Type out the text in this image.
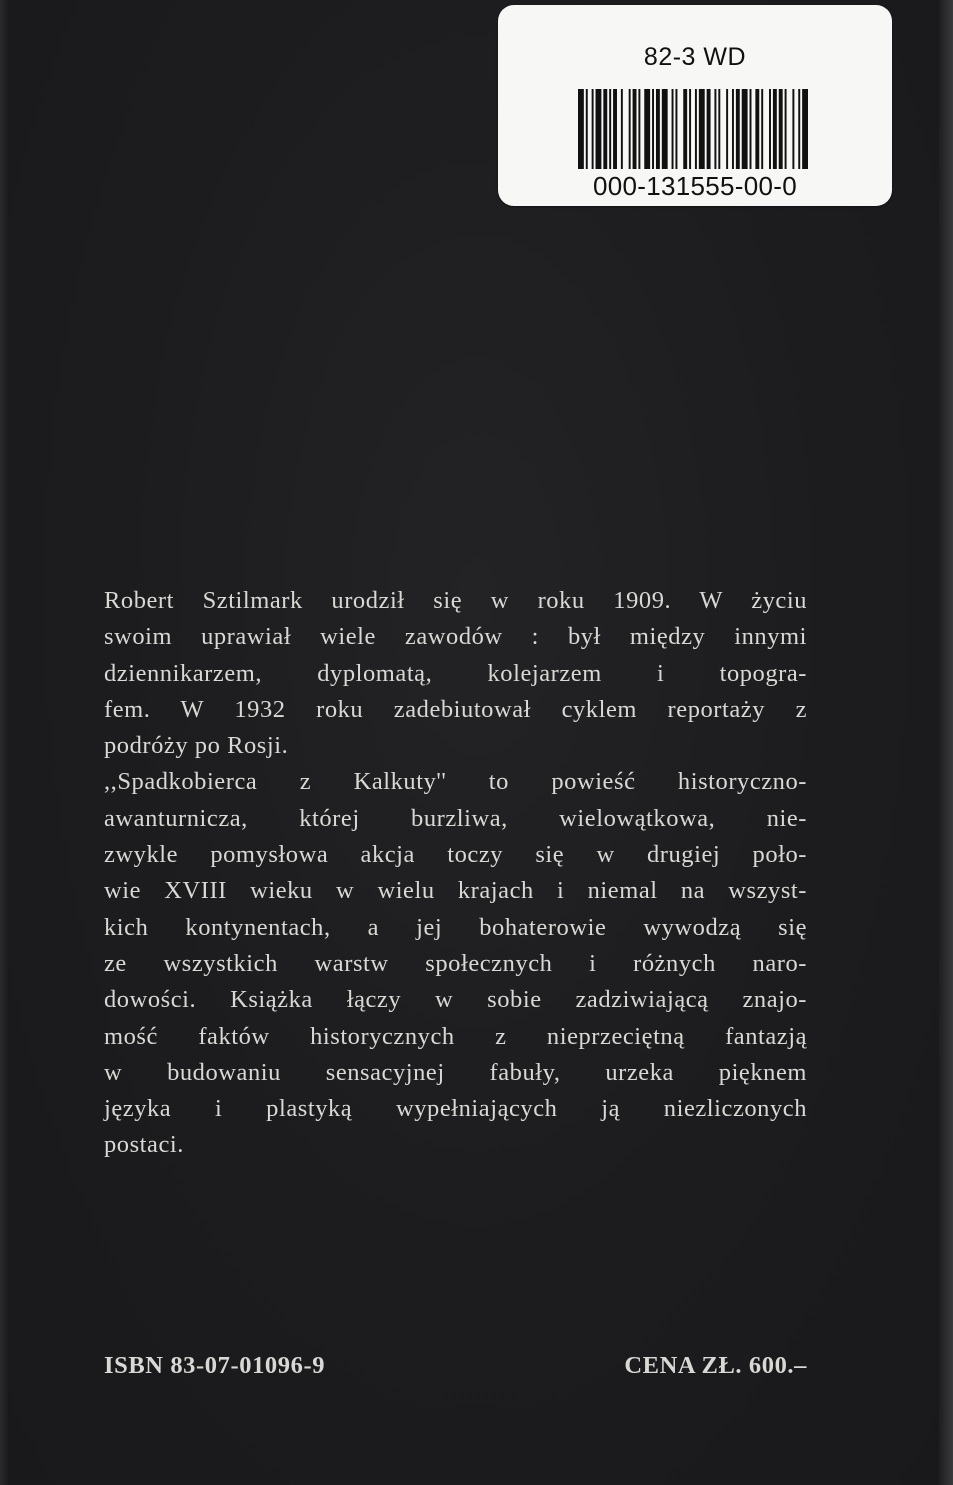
82-3 WD
000-131555-00-0
Robert Sztilmark urodził się w roku 1909. W życiu
swoim uprawiał wiele zawodów : był między innymi
dziennikarzem, dyplomatą, kolejarzem i topogra-
fem. W 1932 roku zadebiutował cyklem reportaży z
podróży po Rosji.
,,Spadkobierca z Kalkuty'' to powieść historyczno-
awanturnicza, której burzliwa, wielowątkowa, nie-
zwykle pomysłowa akcja toczy się w drugiej poło-
wie XVIII wieku w wielu krajach i niemal na wszyst-
kich kontynentach, a jej bohaterowie wywodzą się
ze wszystkich warstw społecznych i różnych naro-
dowości. Książka łączy w sobie zadziwiającą znajo-
mość faktów historycznych z nieprzeciętną fantazją
w budowaniu sensacyjnej fabuły, urzeka pięknem
języka i plastyką wypełniających ją niezliczonych
postaci.
ISBN 83-07-01096-9	CENA ZŁ. 600.–
